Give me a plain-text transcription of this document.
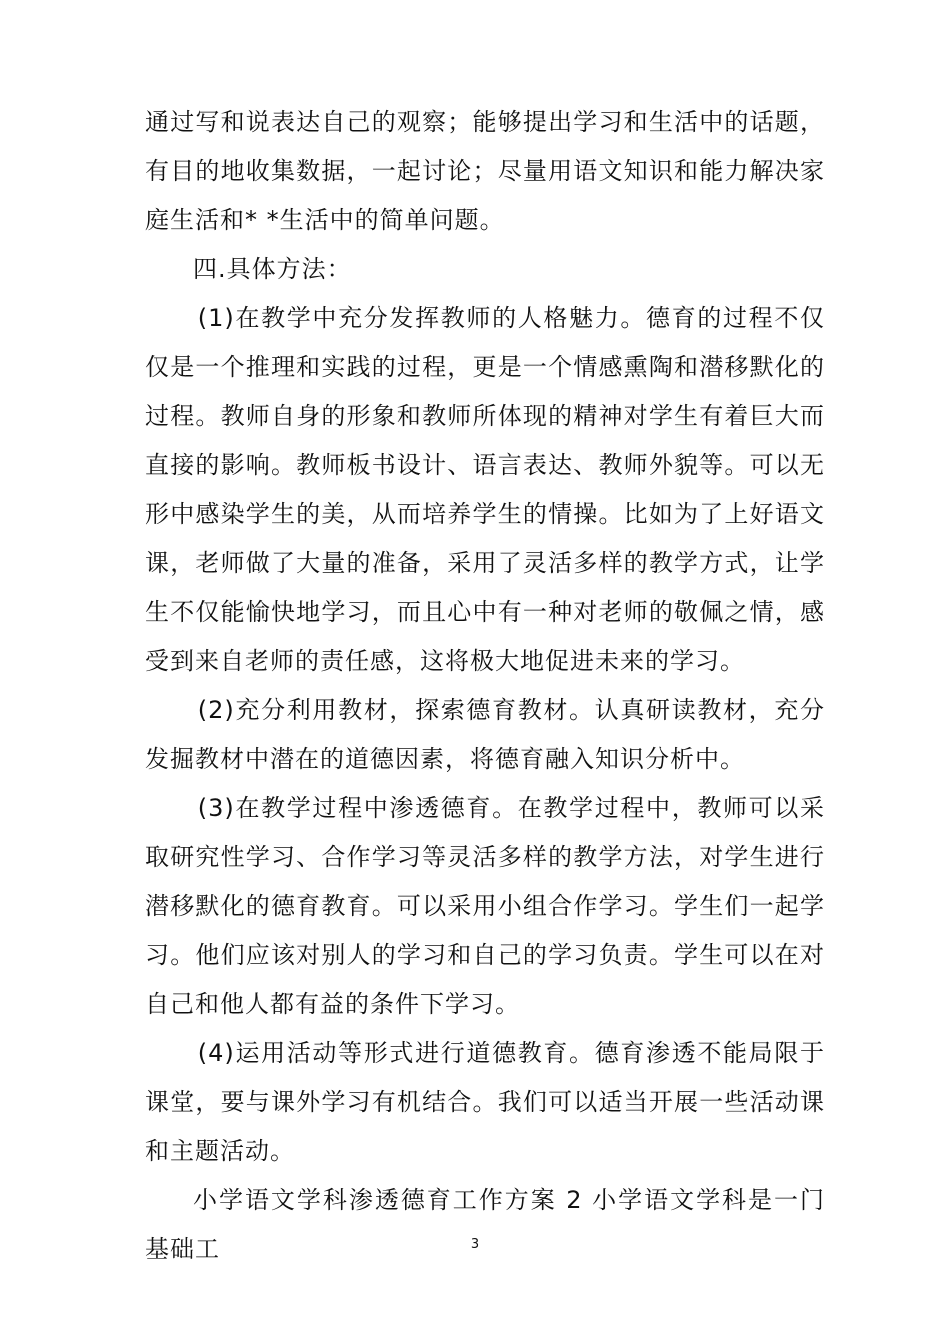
通过写和说表达自己的观察；能够提出学习和生活中的话题，有目的地收集数据，一起讨论；尽量用语文知识和能力解决家庭生活和* *生活中的简单问题。

四.具体方法：

(1)在教学中充分发挥教师的人格魅力。德育的过程不仅仅是一个推理和实践的过程，更是一个情感熏陶和潜移默化的过程。教师自身的形象和教师所体现的精神对学生有着巨大而直接的影响。教师板书设计、语言表达、教师外貌等。可以无形中感染学生的美，从而培养学生的情操。比如为了上好语文课，老师做了大量的准备，采用了灵活多样的教学方式，让学生不仅能愉快地学习，而且心中有一种对老师的敬佩之情，感受到来自老师的责任感，这将极大地促进未来的学习。

(2)充分利用教材，探索德育教材。认真研读教材，充分发掘教材中潜在的道德因素，将德育融入知识分析中。

(3)在教学过程中渗透德育。在教学过程中，教师可以采取研究性学习、合作学习等灵活多样的教学方法，对学生进行潜移默化的德育教育。可以采用小组合作学习。学生们一起学习。他们应该对别人的学习和自己的学习负责。学生可以在对自己和他人都有益的条件下学习。

(4)运用活动等形式进行道德教育。德育渗透不能局限于课堂，要与课外学习有机结合。我们可以适当开展一些活动课和主题活动。

小学语文学科渗透德育工作方案 2 小学语文学科是一门基础工	3
